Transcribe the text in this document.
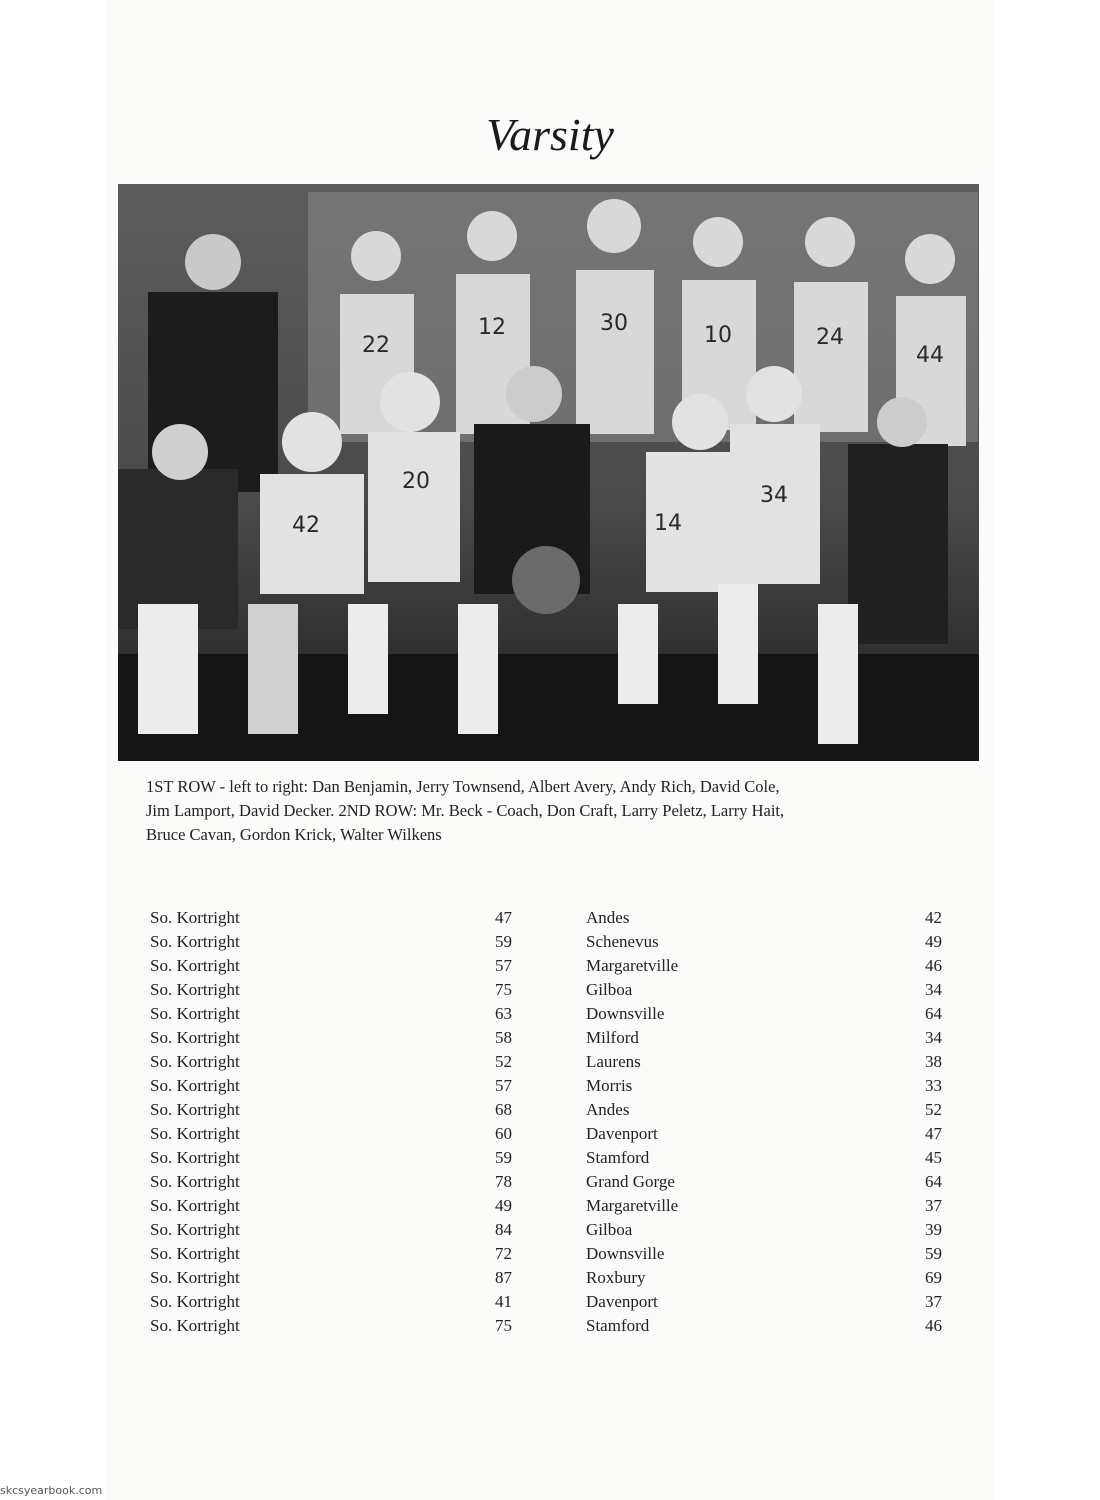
Varsity
22
12	30	10	24
44
42
20
14
34
1ST ROW - left to right: Dan Benjamin, Jerry Townsend, Albert Avery, Andy Rich, David Cole,
Jim Lamport, David Decker. 2ND ROW: Mr. Beck - Coach, Don Craft, Larry Peletz, Larry Hait,
Bruce Cavan, Gordon Krick, Walter Wilkens
So. Kortright	47	Andes	42
So. Kortright	59	Schenevus	49
So. Kortright	57	Margaretville	46
So. Kortright	75	Gilboa	34
So. Kortright	63	Downsville	64
So. Kortright	58	Milford	34
So. Kortright	52	Laurens	38
So. Kortright	57	Morris	33
So. Kortright	68	Andes	52
So. Kortright	60	Davenport	47
So. Kortright	59	Stamford	45
So. Kortright	78	Grand Gorge	64
So. Kortright	49	Margaretville	37
So. Kortright	84	Gilboa	39
So. Kortright	72	Downsville	59
So. Kortright	87	Roxbury	69
So. Kortright	41	Davenport	37
So. Kortright	75	Stamford	46
skcsyearbook.com
